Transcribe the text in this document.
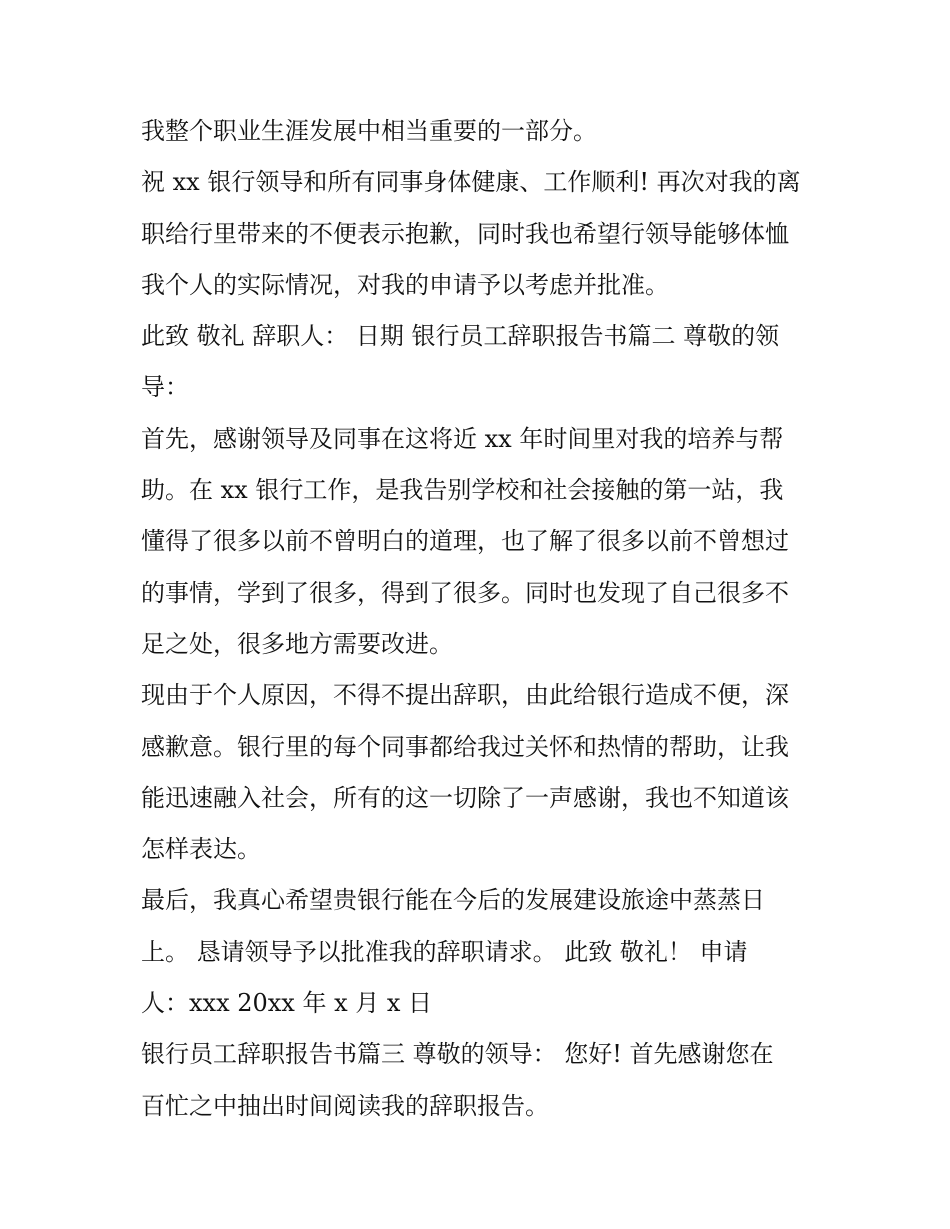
我整个职业生涯发展中相当重要的一部分。
祝 xx 银行领导和所有同事身体健康、工作顺利! 再次对我的离
职给行里带来的不便表示抱歉，同时我也希望行领导能够体恤
我个人的实际情况，对我的申请予以考虑并批准。
此致 敬礼 辞职人： 日期 银行员工辞职报告书篇二 尊敬的领
导：
首先，感谢领导及同事在这将近 xx 年时间里对我的培养与帮
助。在 xx 银行工作，是我告别学校和社会接触的第一站，我
懂得了很多以前不曾明白的道理，也了解了很多以前不曾想过
的事情，学到了很多，得到了很多。同时也发现了自己很多不
足之处，很多地方需要改进。
现由于个人原因，不得不提出辞职，由此给银行造成不便，深
感歉意。银行里的每个同事都给我过关怀和热情的帮助，让我
能迅速融入社会，所有的这一切除了一声感谢，我也不知道该
怎样表达。
最后，我真心希望贵银行能在今后的发展建设旅途中蒸蒸日
上。 恳请领导予以批准我的辞职请求。 此致 敬礼！ 申请
人：xxx 20xx 年 x 月 x 日
银行员工辞职报告书篇三 尊敬的领导： 您好! 首先感谢您在
百忙之中抽出时间阅读我的辞职报告。
